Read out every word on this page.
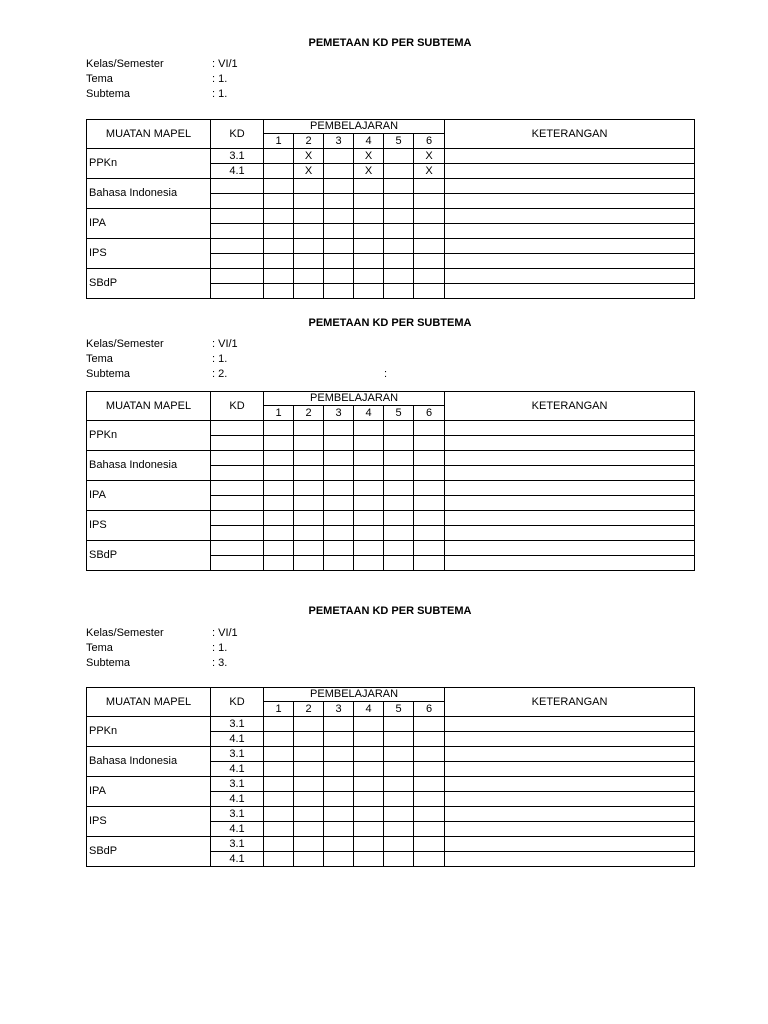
PEMETAAN KD PER SUBTEMA
Kelas/Semester	: VI/1
Tema	: 1.
Subtema	: 1.
MUATAN MAPEL	KD	PEMBELAJARAN						KETERANGAN
		1	2	3	4	5	6	
PPKn	3.1		X		X		X	
	4.1		X		X		X	
Bahasa Indonesia								

IPA								

IPS								

SBdP								

PEMETAAN KD PER SUBTEMA
Kelas/Semester	: VI/1
Tema	: 1.
Subtema	: 2.	:
MUATAN MAPEL	KD	PEMBELAJARAN						KETERANGAN
		1	2	3	4	5	6	
PPKn								

Bahasa Indonesia								

IPA								

IPS								

SBdP								

PEMETAAN KD PER SUBTEMA
Kelas/Semester	: VI/1
Tema	: 1.
Subtema	: 3.
MUATAN MAPEL	KD	PEMBELAJARAN						KETERANGAN
		1	2	3	4	5	6	
PPKn	3.1							
	4.1							
Bahasa Indonesia	3.1							
	4.1							
IPA	3.1							
	4.1							
IPS	3.1							
	4.1							
SBdP	3.1							
	4.1							
